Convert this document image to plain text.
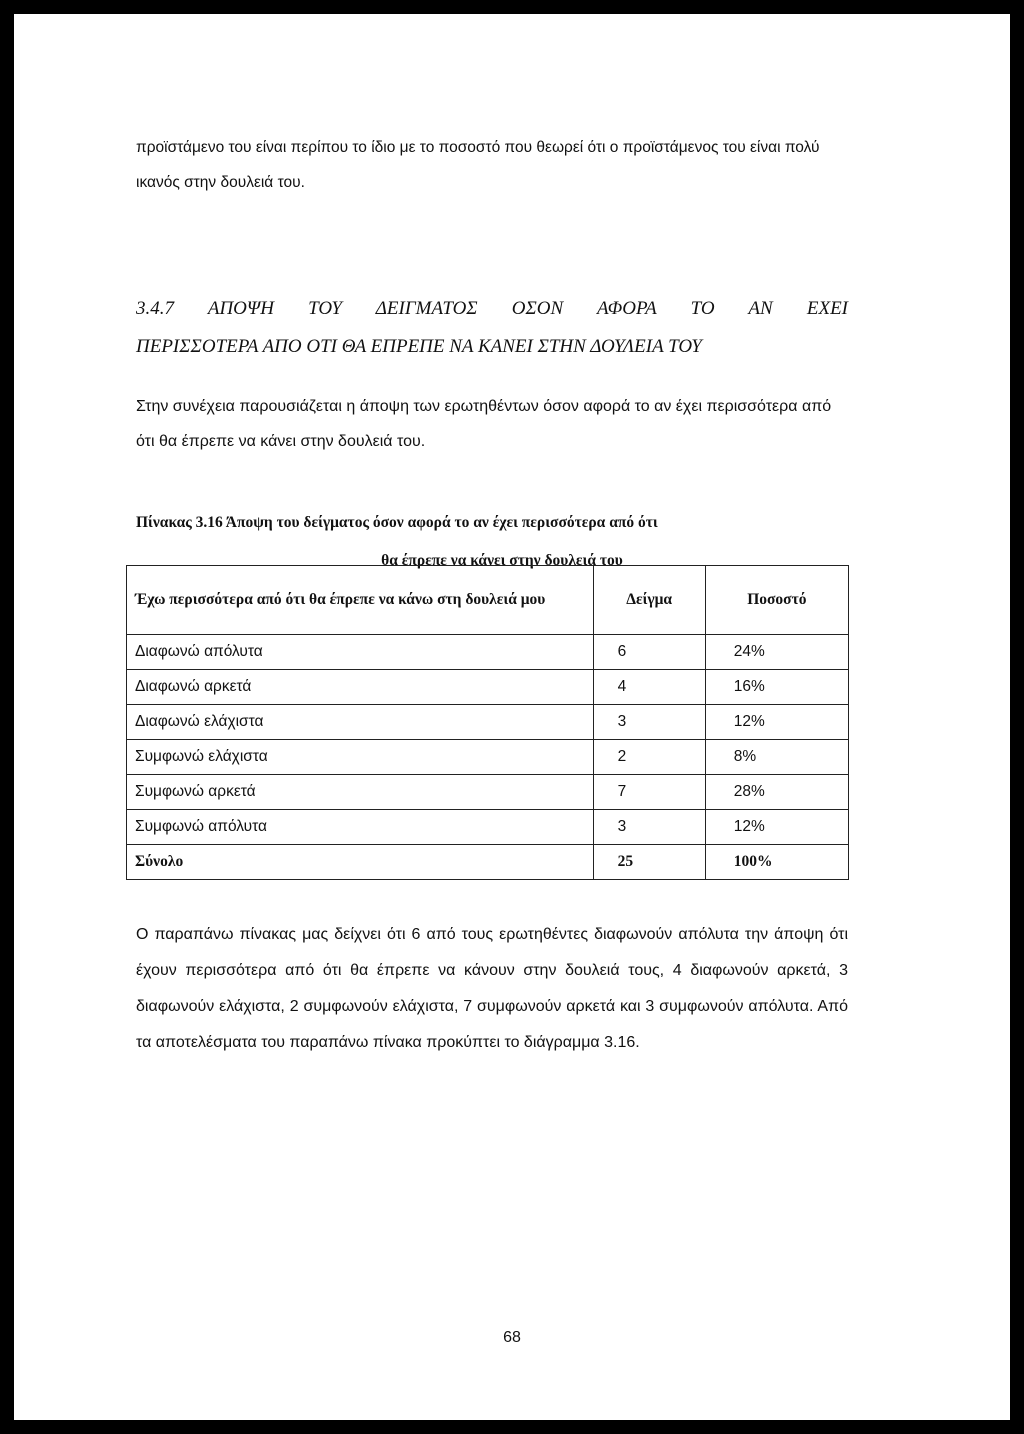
προϊστάμενο του είναι περίπου το ίδιο με το ποσοστό που θεωρεί ότι ο προϊστάμενος του είναι πολύ ικανός στην δουλειά του.
3.4.7 ΑΠΟΨΗ ΤΟΥ ΔΕΙΓΜΑΤΟΣ ΟΣΟΝ ΑΦΟΡΑ ΤΟ ΑΝ ΕΧΕΙ
ΠΕΡΙΣΣΟΤΕΡΑ ΑΠΟ ΟΤΙ ΘΑ ΕΠΡΕΠΕ ΝΑ ΚΑΝΕΙ ΣΤΗΝ ΔΟΥΛΕΙΑ ΤΟΥ
Στην συνέχεια παρουσιάζεται η άποψη των ερωτηθέντων όσον αφορά το αν έχει περισσότερα από ότι θα έπρεπε να κάνει στην δουλειά του.
Πίνακας 3.16 Άποψη του δείγματος όσον αφορά το αν έχει περισσότερα από ότι
θα έπρεπε να κάνει στην δουλειά του
Έχω περισσότερα από ότι θα έπρεπε να κάνω στη δουλειά μου	Δείγμα	Ποσοστό
Διαφωνώ απόλυτα	6	24%
Διαφωνώ αρκετά	4	16%
Διαφωνώ ελάχιστα	3	12%
Συμφωνώ ελάχιστα	2	8%
Συμφωνώ αρκετά	7	28%
Συμφωνώ απόλυτα	3	12%
Σύνολο	25	100%
Ο παραπάνω πίνακας μας δείχνει ότι 6 από τους ερωτηθέντες διαφωνούν απόλυτα την άποψη ότι έχουν περισσότερα από ότι θα έπρεπε να κάνουν στην δουλειά τους, 4 διαφωνούν αρκετά, 3 διαφωνούν ελάχιστα, 2 συμφωνούν ελάχιστα, 7 συμφωνούν αρκετά και 3 συμφωνούν απόλυτα. Από τα αποτελέσματα του παραπάνω πίνακα προκύπτει το διάγραμμα 3.16.
68
